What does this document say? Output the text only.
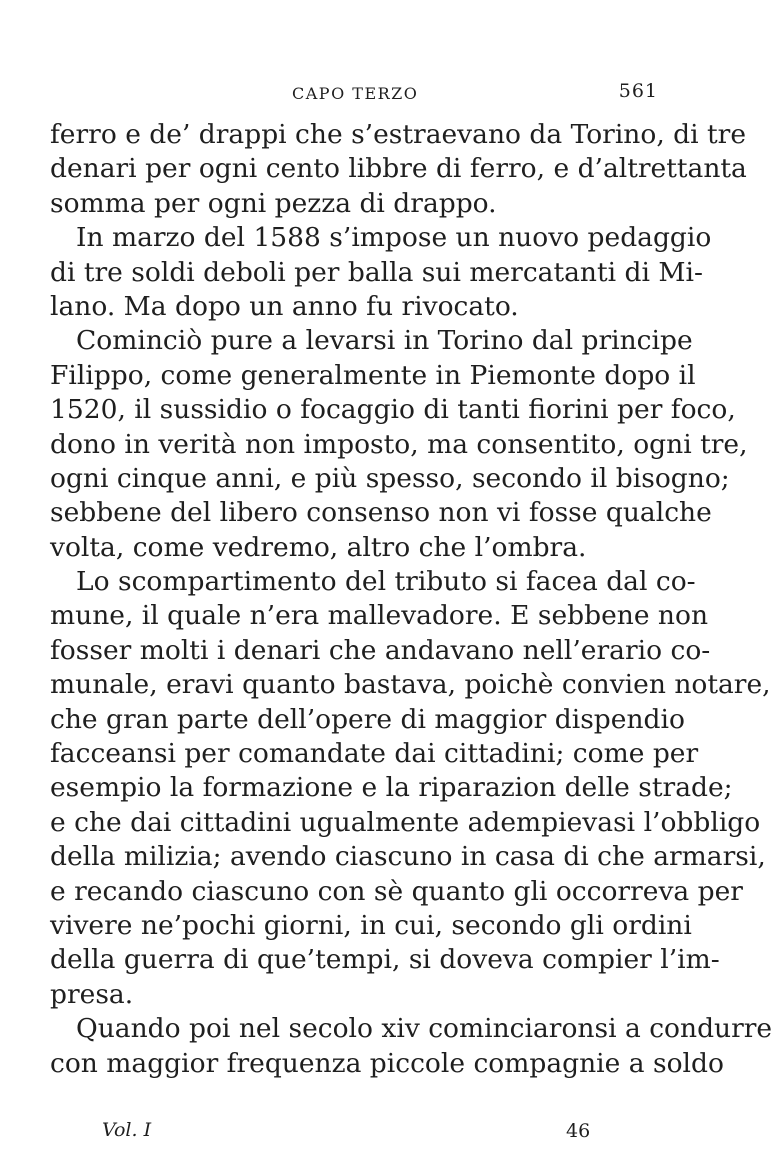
CAPO TERZO	561
ferro e de’ drappi che s’estraevano da Torino, di tre
denari per ogni cento libbre di ferro, e d’altrettanta
somma per ogni pezza di drappo.
In marzo del 1588 s’impose un nuovo pedaggio
di tre soldi deboli per balla sui mercatanti di Mi-
lano. Ma dopo un anno fu rivocato.
Cominciò pure a levarsi in Torino dal principe
Filippo, come generalmente in Piemonte dopo il
1520, il sussidio o focaggio di tanti fiorini per foco,
dono in verità non imposto, ma consentito, ogni tre,
ogni cinque anni, e più spesso, secondo il bisogno;
sebbene del libero consenso non vi fosse qualche
volta, come vedremo, altro che l’ombra.
Lo scompartimento del tributo si facea dal co-
mune, il quale n’era mallevadore. E sebbene non
fosser molti i denari che andavano nell’erario co-
munale, eravi quanto bastava, poichè convien notare,
che gran parte dell’opere di maggior dispendio
facceansi per comandate dai cittadini; come per
esempio la formazione e la riparazion delle strade;
e che dai cittadini ugualmente adempievasi l’obbligo
della milizia; avendo ciascuno in casa di che armarsi,
e recando ciascuno con sè quanto gli occorreva per
vivere ne’pochi giorni, in cui, secondo gli ordini
della guerra di que’tempi, si doveva compier l’im-
presa.
Quando poi nel secolo xiv cominciaronsi a condurre
con maggior frequenza piccole compagnie a soldo
Vol. I	46
